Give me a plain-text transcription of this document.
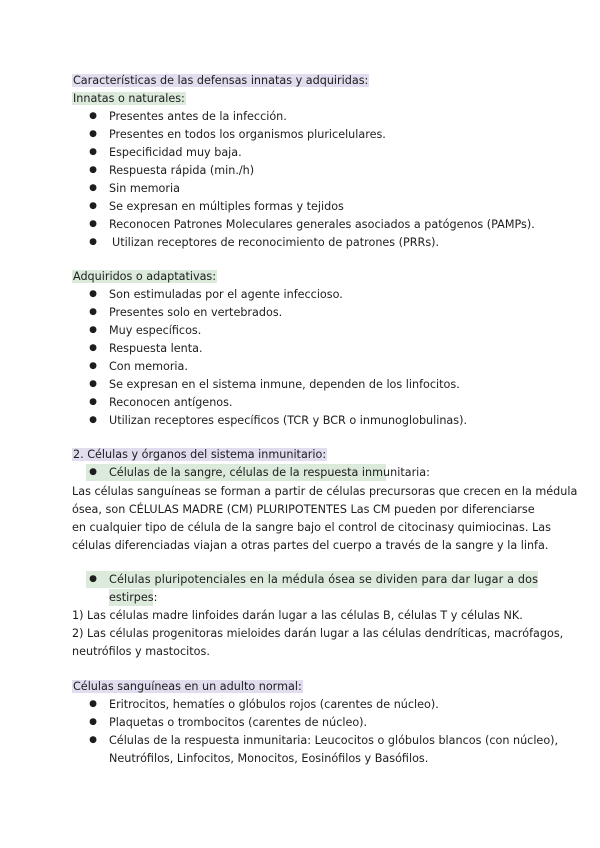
Características de las defensas innatas y adquiridas:
Innatas o naturales:
● Presentes antes de la infección.
● Presentes en todos los organismos pluricelulares.
● Especificidad muy baja.
● Respuesta rápida (min./h)
● Sin memoria
● Se expresan en múltiples formas y tejidos
● Reconocen Patrones Moleculares generales asociados a patógenos (PAMPs).
● Utilizan receptores de reconocimiento de patrones (PRRs).
Adquiridos o adaptativas:
● Son estimuladas por el agente infeccioso.
● Presentes solo en vertebrados.
● Muy específicos.
● Respuesta lenta.
● Con memoria.
● Se expresan en el sistema inmune, dependen de los linfocitos.
● Reconocen antígenos.
● Utilizan receptores específicos (TCR y BCR o inmunoglobulinas).
2. Células y órganos del sistema inmunitario:
● Células de la sangre, células de la respuesta inmunitaria:
Las células sanguíneas se forman a partir de células precursoras que crecen en la médula
ósea, son CÉLULAS MADRE (CM) PLURIPOTENTES Las CM pueden por diferenciarse
en cualquier tipo de célula de la sangre bajo el control de citocinasy quimiocinas. Las
células diferenciadas viajan a otras partes del cuerpo a través de la sangre y la linfa.
● Células pluripotenciales en la médula ósea se dividen para dar lugar a dos
estirpes:
1) Las células madre linfoides darán lugar a las células B, células T y células NK.
2) Las células progenitoras mieloides darán lugar a las células dendríticas, macrófagos,
neutrófilos y mastocitos.
Células sanguíneas en un adulto normal:
● Eritrocitos, hematíes o glóbulos rojos (carentes de núcleo).
● Plaquetas o trombocitos (carentes de núcleo).
● Células de la respuesta inmunitaria: Leucocitos o glóbulos blancos (con núcleo),
Neutrófilos, Linfocitos, Monocitos, Eosinófilos y Basófilos.
